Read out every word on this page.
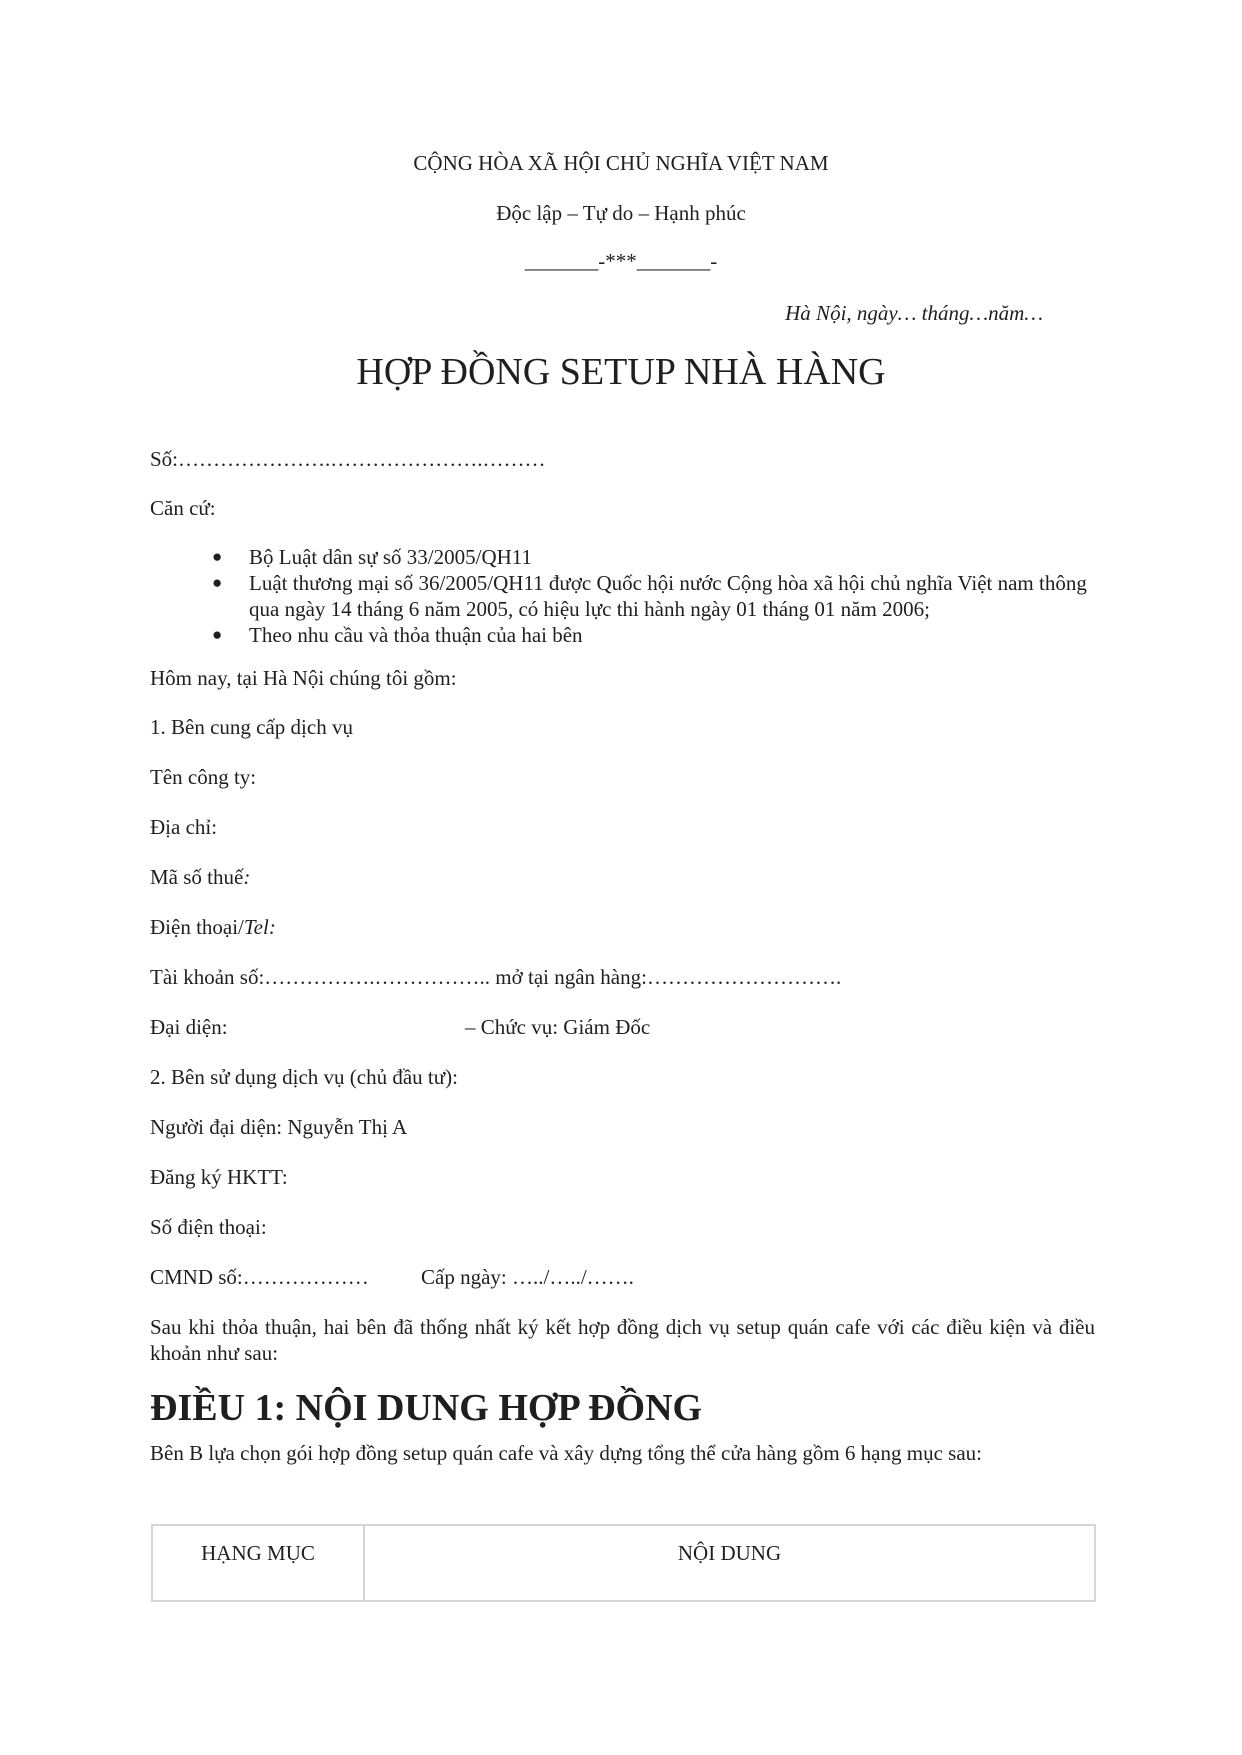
CỘNG HÒA XÃ HỘI CHỦ NGHĨA VIỆT NAM
Độc lập – Tự do – Hạnh phúc
_______-***_______-
Hà Nội, ngày… tháng…năm…
HỢP ĐỒNG SETUP NHÀ HÀNG
Số:………………….………………….………
Căn cứ:
● Bộ Luật dân sự số 33/2005/QH11
● Luật thương mại số 36/2005/QH11 được Quốc hội nước Cộng hòa xã hội chủ nghĩa Việt nam thông qua ngày 14 tháng 6 năm 2005, có hiệu lực thi hành ngày 01 tháng 01 năm 2006;
● Theo nhu cầu và thỏa thuận của hai bên
Hôm nay, tại Hà Nội chúng tôi gồm:
1. Bên cung cấp dịch vụ
Tên công ty:
Địa chỉ:
Mã số thuế:
Điện thoại/Tel:
Tài khoản số:…………….…………….. mở tại ngân hàng:……………………….
Đại diện:	– Chức vụ: Giám Đốc
2. Bên sử dụng dịch vụ (chủ đầu tư):
Người đại diện: Nguyễn Thị A
Đăng ký HKTT:
Số điện thoại:
CMND số:……………… Cấp ngày: …../…../…….
Sau khi thỏa thuận, hai bên đã thống nhất ký kết hợp đồng dịch vụ setup quán cafe với các điều kiện và điều khoản như sau:
ĐIỀU 1: NỘI DUNG HỢP ĐỒNG
Bên B lựa chọn gói hợp đồng setup quán cafe và xây dựng tổng thể cửa hàng gồm 6 hạng mục sau:
HẠNG MỤC	NỘI DUNG
